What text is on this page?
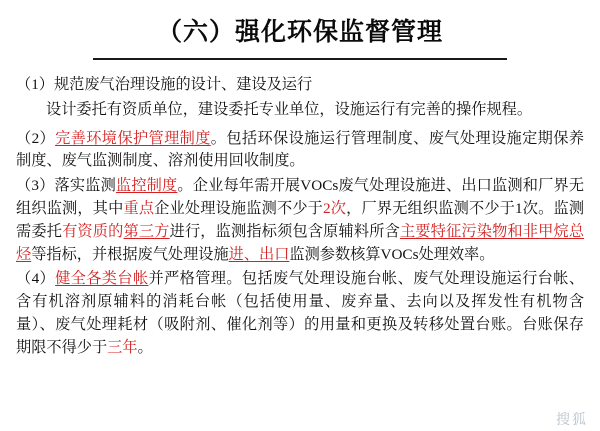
（六）强化环保监督管理

（1）规范废气治理设施的设计、建设及运行

设计委托有资质单位，建设委托专业单位，设施运行有完善的操作规程。

（2）完善环境保护管理制度。包括环保设施运行管理制度、废气处理设施定期保养制度、废气监测制度、溶剂使用回收制度。

（3）落实监测监控制度。企业每年需开展VOCs废气处理设施进、出口监测和厂界无组织监测，其中重点企业处理设施监测不少于2次，厂界无组织监测不少于1次。监测需委托有资质的第三方进行，监测指标须包含原辅料所含主要特征污染物和非甲烷总烃等指标，并根据废气处理设施进、出口监测参数核算VOCs处理效率。

（4）健全各类台帐并严格管理。包括废气处理设施台帐、废气处理设施运行台帐、含有机溶剂原辅料的消耗台帐（包括使用量、废弃量、去向以及挥发性有机物含量）、废气处理耗材（吸附剂、催化剂等）的用量和更换及转移处置台账。台账保存期限不得少于三年。

搜狐
